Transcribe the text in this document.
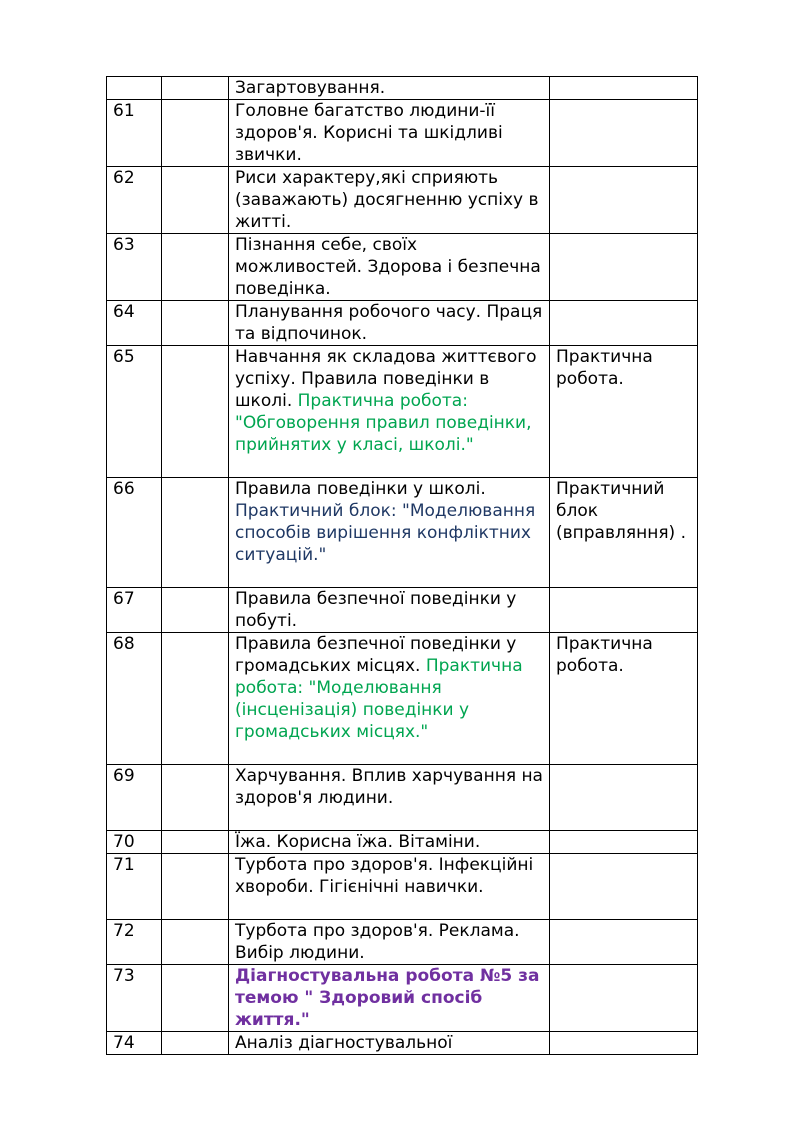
		Загартовування.	
61		Головне багатство людини-її здоров'я. Корисні та шкідливі звички.	
62		Риси характеру,які сприяють (заважають) досягненню успіху в житті.	
63		Пізнання себе, своїх можливостей. Здорова і безпечна поведінка.	
64		Планування робочого часу. Праця та відпочинок.	
65		Навчання як складова життєвого успіху. Правила поведінки в школі. Практична робота: "Обговорення правил поведінки, прийнятих у класі, школі."	Практична робота.
66		Правила поведінки у школі. Практичний блок: "Моделювання способів вирішення конфліктних ситуацій."	Практичний блок (вправляння) .
67		Правила безпечної поведінки у побуті.	
68		Правила безпечної поведінки у громадських місцях. Практична робота: "Моделювання (інсценізація) поведінки у громадських місцях."	Практична робота.
69		Харчування. Вплив харчування на здоров'я людини.	
70		Їжа. Корисна їжа. Вітаміни.	
71		Турбота про здоров'я. Інфекційні хвороби. Гігієнічні навички.	
72		Турбота про здоров'я. Реклама. Вибір людини.	
73		Діагностувальна робота №5 за темою " Здоровий спосіб життя."	
74		Аналіз діагностувальної	
